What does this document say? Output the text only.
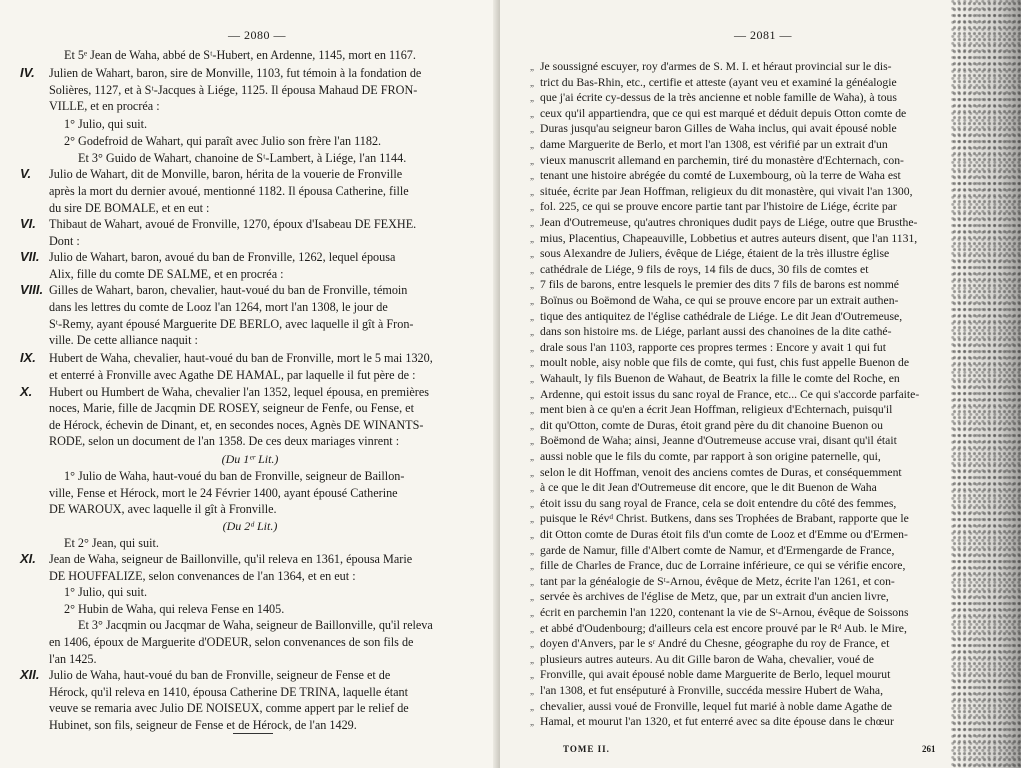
— 2080 —
Et 5ᵉ Jean de Waha, abbé de Sᵗ-Hubert, en Ardenne, 1145, mort en 1167.
Julien de Wahart, baron, sire de Monville, 1103, fut témoin à la fondation de
Solières, 1127, et à Sᵗ-Jacques à Liége, 1125. Il épousa Mahaud DE FRON-
VILLE, et en procréa :
1° Julio, qui suit.
2° Godefroid de Wahart, qui paraît avec Julio son frère l'an 1182.
Et 3° Guido de Wahart, chanoine de Sᵗ-Lambert, à Liége, l'an 1144.
Julio de Wahart, dit de Monville, baron, hérita de la vouerie de Fronville
après la mort du dernier avoué, mentionné 1182. Il épousa Catherine, fille
du sire DE BOMALE, et en eut :
Thibaut de Wahart, avoué de Fronville, 1270, époux d'Isabeau DE FEXHE.
Dont :
Julio de Wahart, baron, avoué du ban de Fronville, 1262, lequel épousa
Alix, fille du comte DE SALME, et en procréa :
Gilles de Wahart, baron, chevalier, haut-voué du ban de Fronville, témoin
dans les lettres du comte de Looz l'an 1264, mort l'an 1308, le jour de
Sᵗ-Remy, ayant épousé Marguerite DE BERLO, avec laquelle il gît à Fron-
ville. De cette alliance naquit :
Hubert de Waha, chevalier, haut-voué du ban de Fronville, mort le 5 mai 1320,
et enterré à Fronville avec Agathe DE HAMAL, par laquelle il fut père de :
Hubert ou Humbert de Waha, chevalier l'an 1352, lequel épousa, en premières
noces, Marie, fille de Jacqmin DE ROSEY, seigneur de Fenfe, ou Fense, et
de Hérock, échevin de Dinant, et, en secondes noces, Agnès DE WINANTS-
RODE, selon un document de l'an 1358. De ces deux mariages vinrent :
1° Julio de Waha, haut-voué du ban de Fronville, seigneur de Baillon-
ville, Fense et Hérock, mort le 24 Février 1400, ayant épousé Catherine
DE WAROUX, avec laquelle il gît à Fronville.
Et 2° Jean, qui suit.
Jean de Waha, seigneur de Baillonville, qu'il releva en 1361, épousa Marie
DE HOUFFALIZE, selon convenances de l'an 1364, et en eut :
1° Julio, qui suit.
2° Hubin de Waha, qui releva Fense en 1405.
Et 3° Jacqmin ou Jacqmar de Waha, seigneur de Baillonville, qu'il releva
en 1406, époux de Marguerite d'ODEUR, selon convenances de son fils de
l'an 1425.
Julio de Waha, haut-voué du ban de Fronville, seigneur de Fense et de
Hérock, qu'il releva en 1410, épousa Catherine DE TRINA, laquelle étant
veuve se remaria avec Julio DE NOISEUX, comme appert par le relief de
Hubinet, son fils, seigneur de Fense et de Hérock, de l'an 1429.
IV.
V.
VI.
VII.
VIII.
IX.
X.
XI.
XII.
(Du 1ᵉʳ Lit.)
(Du 2ᵈ Lit.)
— 2081 —
Je soussigné escuyer, roy d'armes de S. M. I. et héraut provincial sur le dis-
„
trict du Bas-Rhin, etc., certifie et atteste (ayant veu et examiné la généalogie
„
que j'ai écrite cy-dessus de la très ancienne et noble famille de Waha), à tous
„
ceux qu'il appartiendra, que ce qui est marqué et déduit depuis Otton comte de
„
Duras jusqu'au seigneur baron Gilles de Waha inclus, qui avait épousé noble
„
dame Marguerite de Berlo, et mort l'an 1308, est vérifié par un extrait d'un
„
vieux manuscrit allemand en parchemin, tiré du monastère d'Echternach, con-
„
tenant une histoire abrégée du comté de Luxembourg, où la terre de Waha est
„
située, écrite par Jean Hoffman, religieux du dit monastère, qui vivait l'an 1300,
„
fol. 225, ce qui se prouve encore partie tant par l'histoire de Liége, écrite par
„
Jean d'Outremeuse, qu'autres chroniques dudit pays de Liége, outre que Brusthe-
„
mius, Placentius, Chapeauville, Lobbetius et autres auteurs disent, que l'an 1131,
„
sous Alexandre de Juliers, évêque de Liége, étaient de la très illustre église
„
cathédrale de Liége, 9 fils de roys, 14 fils de ducs, 30 fils de comtes et
„
7 fils de barons, entre lesquels le premier des dits 7 fils de barons est nommé
„
Boïnus ou Boëmond de Waha, ce qui se prouve encore par un extrait authen-
„
tique des antiquitez de l'église cathédrale de Liége. Le dit Jean d'Outremeuse,
„
dans son histoire ms. de Liége, parlant aussi des chanoines de la dite cathé-
„
drale sous l'an 1103, rapporte ces propres termes : Encore y avait 1 qui fut
„
moult noble, aisy noble que fils de comte, qui fust, chis fust appelle Buenon de
„
Wahault, ly fils Buenon de Wahaut, de Beatrix la fille le comte del Roche, en
„
Ardenne, qui estoit issus du sanc royal de France, etc... Ce qui s'accorde parfaite-
„
ment bien à ce qu'en a écrit Jean Hoffman, religieux d'Echternach, puisqu'il
„
dit qu'Otton, comte de Duras, étoit grand père du dit chanoine Buenon ou
„
Boëmond de Waha; ainsi, Jeanne d'Outremeuse accuse vrai, disant qu'il était
„
aussi noble que le fils du comte, par rapport à son origine paternelle, qui,
„
selon le dit Hoffman, venoit des anciens comtes de Duras, et conséquemment
„
à ce que le dit Jean d'Outremeuse dit encore, que le dit Buenon de Waha
„
étoit issu du sang royal de France, cela se doit entendre du côté des femmes,
„
puisque le Révᵈ Christ. Butkens, dans ses Trophées de Brabant, rapporte que le
„
dit Otton comte de Duras étoit fils d'un comte de Looz et d'Emme ou d'Ermen-
„
garde de Namur, fille d'Albert comte de Namur, et d'Ermengarde de France,
„
fille de Charles de France, duc de Lorraine inférieure, ce qui se vérifie encore,
„
tant par la généalogie de Sᵗ-Arnou, évêque de Metz, écrite l'an 1261, et con-
„
servée ès archives de l'église de Metz, que, par un extrait d'un ancien livre,
„
écrit en parchemin l'an 1220, contenant la vie de Sᵗ-Arnou, évêque de Soissons
„
et abbé d'Oudenbourg; d'ailleurs cela est encore prouvé par le Rᵈ Aub. le Mire,
„
doyen d'Anvers, par le sʳ André du Chesne, géographe du roy de France, et
„
plusieurs autres auteurs. Au dit Gille baron de Waha, chevalier, voué de
„
Fronville, qui avait épousé noble dame Marguerite de Berlo, lequel mourut
„
l'an 1308, et fut enséputuré à Fronville, succéda messire Hubert de Waha,
„
chevalier, aussi voué de Fronville, lequel fut marié à noble dame Agathe de
„
Hamal, et mourut l'an 1320, et fut enterré avec sa dite épouse dans le chœur
„
TOME II.	261
